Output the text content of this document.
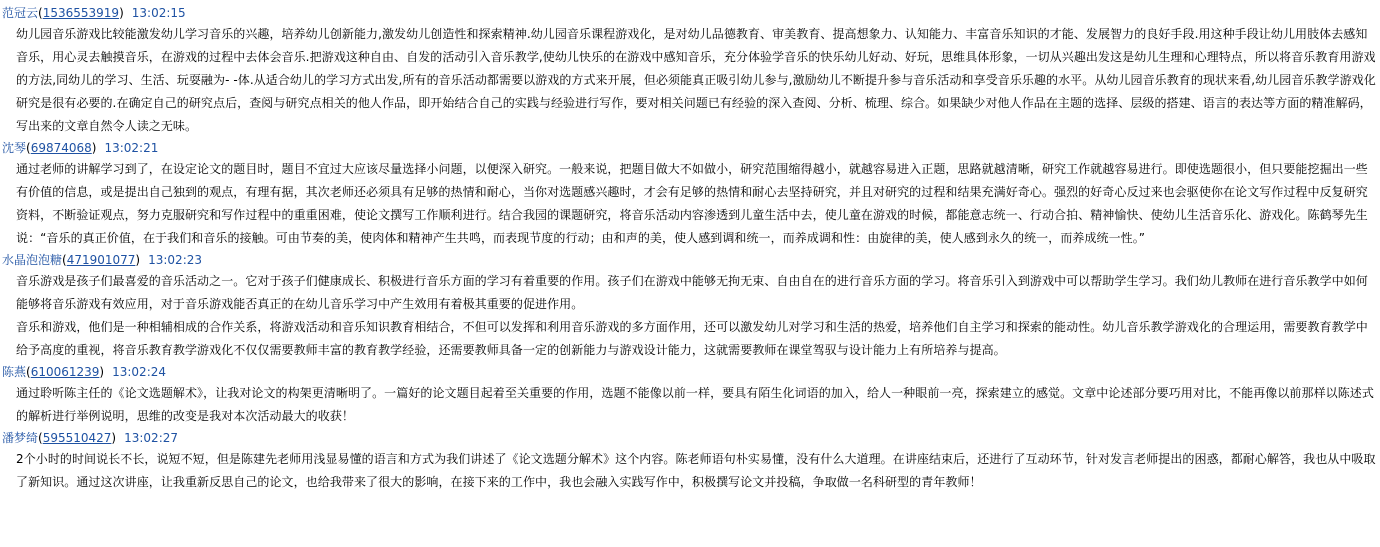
范冠云(1536553919) 13:02:15
幼儿园音乐游戏比较能激发幼儿学习音乐的兴趣，培养幼儿创新能力,激发幼儿创造性和探索精神.幼儿园音乐课程游戏化，是对幼儿品德教育、审美教育、提高想象力、认知能力、丰富音乐知识的才能、发展智力的良好手段.用这种手段让幼儿用肢体去感知音乐，用心灵去触摸音乐，在游戏的过程中去体会音乐.把游戏这种自由、自发的活动引入音乐教学,使幼儿快乐的在游戏中感知音乐，充分体验学音乐的快乐幼儿好动、好玩，思维具体形象，一切从兴趣出发这是幼儿生理和心理特点，所以将音乐教育用游戏的方法,同幼儿的学习、生活、玩耍融为- -体.从适合幼儿的学习方式出发,所有的音乐活动都需要以游戏的方式来开展，但必须能真正吸引幼儿参与,激励幼儿不断提升参与音乐活动和享受音乐乐趣的水平。从幼儿园音乐教育的现状来看,幼儿园音乐教学游戏化研究是很有必要的.在确定自己的研究点后，查阅与研究点相关的他人作品，即开始结合自己的实践与经验进行写作，要对相关问题已有经验的深入查阅、分析、梳理、综合。如果缺少对他人作品在主题的选择、层级的搭建、语言的表达等方面的精准解码，写出来的文章自然令人读之无味。
沈琴(69874068) 13:02:21
通过老师的讲解学习到了，在设定论文的题目时，题目不宜过大应该尽量选择小问题，以便深入研究。一般来说，把题目做大不如做小，研究范围缩得越小，就越容易进入正题，思路就越清晰，研究工作就越容易进行。即使选题很小，但只要能挖掘出一些有价值的信息，或是提出自己独到的观点，有理有据，其次老师还必须具有足够的热情和耐心，当你对选题感兴趣时，才会有足够的热情和耐心去坚持研究，并且对研究的过程和结果充满好奇心。强烈的好奇心反过来也会驱使你在论文写作过程中反复研究资料，不断验证观点，努力克服研究和写作过程中的重重困难，使论文撰写工作顺利进行。结合我园的课题研究，将音乐活动内容渗透到儿童生活中去，使儿童在游戏的时候，都能意志统一、行动合拍、精神愉快、使幼儿生活音乐化、游戏化。陈鹤琴先生说：“音乐的真正价值，在于我们和音乐的接触。可由节奏的美，使肉体和精神产生共鸣，而表现节度的行动；由和声的美，使人感到调和统一，而养成调和性：由旋律的美，使人感到永久的统一，而养成统一性。”
水晶泡泡糖(471901077) 13:02:23
音乐游戏是孩子们最喜爱的音乐活动之一。它对于孩子们健康成长、积极进行音乐方面的学习有着重要的作用。孩子们在游戏中能够无拘无束、自由自在的进行音乐方面的学习。将音乐引入到游戏中可以帮助学生学习。我们幼儿教师在进行音乐教学中如何能够将音乐游戏有效应用，对于音乐游戏能否真正的在幼儿音乐学习中产生效用有着极其重要的促进作用。
音乐和游戏，他们是一种相辅相成的合作关系，将游戏活动和音乐知识教育相结合，不但可以发挥和利用音乐游戏的多方面作用，还可以激发幼儿对学习和生活的热爱，培养他们自主学习和探索的能动性。幼儿音乐教学游戏化的合理运用，需要教育教学中给予高度的重视，将音乐教育教学游戏化不仅仅需要教师丰富的教育教学经验，还需要教师具备一定的创新能力与游戏设计能力，这就需要教师在课堂驾驭与设计能力上有所培养与提高。
陈燕(610061239) 13:02:24
通过聆听陈主任的《论文选题解术》，让我对论文的构架更清晰明了。一篇好的论文题目起着至关重要的作用，选题不能像以前一样，要具有陌生化词语的加入，给人一种眼前一亮，探索建立的感觉。文章中论述部分要巧用对比，不能再像以前那样以陈述式的解析进行举例说明，思维的改变是我对本次活动最大的收获！
潘梦绮(595510427) 13:02:27
2个小时的时间说长不长，说短不短，但是陈建先老师用浅显易懂的语言和方式为我们讲述了《论文选题分解术》这个内容。陈老师语句朴实易懂，没有什么大道理。在讲座结束后，还进行了互动环节，针对发言老师提出的困惑，都耐心解答，我也从中吸取了新知识。通过这次讲座，让我重新反思自己的论文，也给我带来了很大的影响，在接下来的工作中，我也会融入实践写作中，积极撰写论文并投稿，争取做一名科研型的青年教师！
